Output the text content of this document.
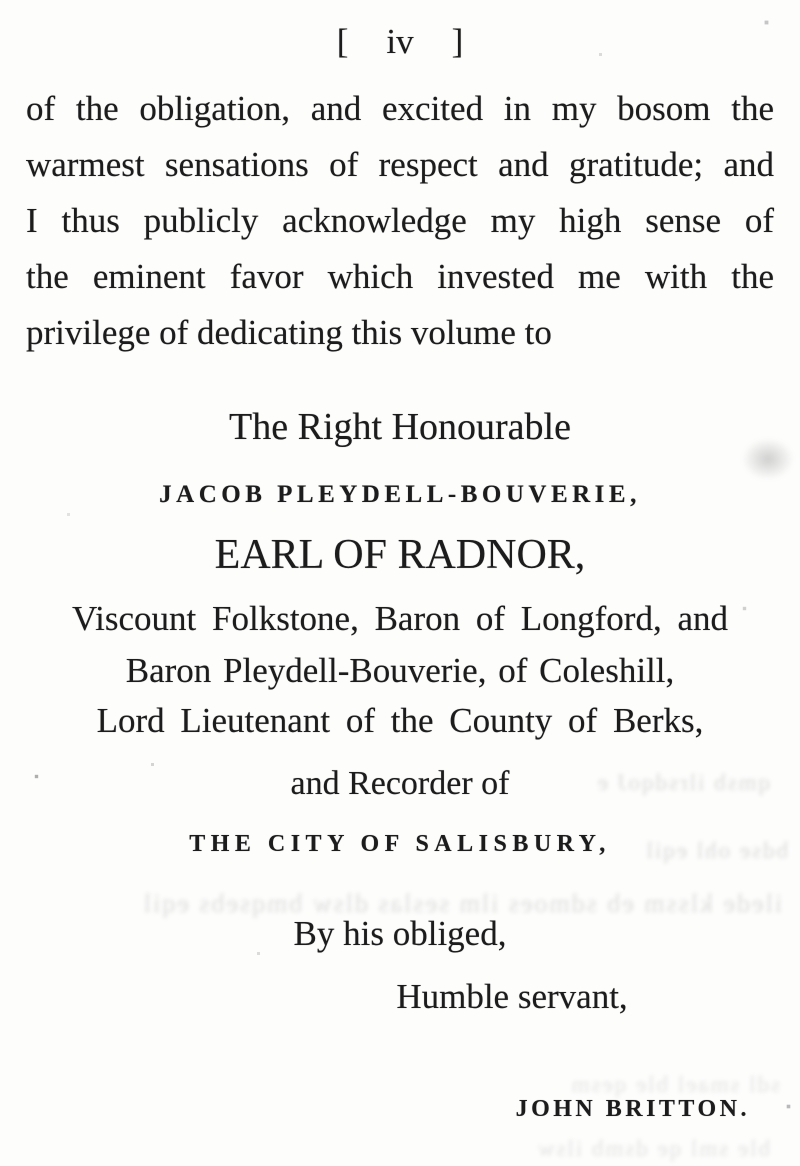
[ iv ]
of the obligation, and excited in my bosom the
warmest sensations of respect and gratitude; and
I thus publicly acknowledge my high sense of
the eminent favor which invested me with the
privilege of dedicating this volume to
The Right Honourable
JACOB PLEYDELL-BOUVERIE,
EARL OF RADNOR,
Viscount Folkstone, Baron of Longford, and
Baron Pleydell-Bouverie, of Coleshill,
Lord Lieutenant of the County of Berks,
and Recorder of
THE CITY OF SALISBURY,
By his obliged,
Humble servant,
JOHN BRITTON.
qmsb ilrsdqoJ e
bdse ohl eqil
ilede klssm eb sdmoes ilm seslas dlsw bmqsebs eqil
sdl smael ble qesm
ble sml qe dsmb ilsw
